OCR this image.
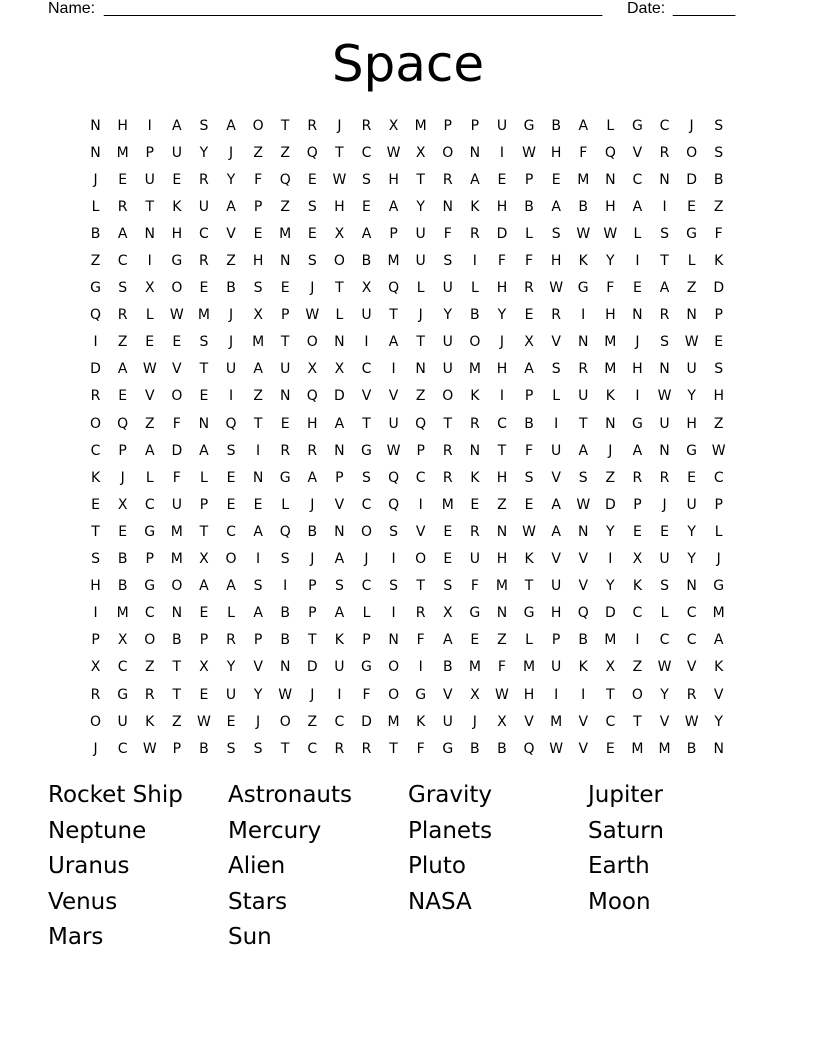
Name: ________________________________________________________ Date: _______
Space
N	H	I	A	S	A	O	T	R	J	R	X	M	P	P	U	G	B	A	L	G	C	J	S
N	M	P	U	Y	J	Z	Z	Q	T	C	W	X	O	N	I	W	H	F	Q	V	R	O	S
J	E	U	E	R	Y	F	Q	E	W	S	H	T	R	A	E	P	E	M	N	C	N	D	B
L	R	T	K	U	A	P	Z	S	H	E	A	Y	N	K	H	B	A	B	H	A	I	E	Z
B	A	N	H	C	V	E	M	E	X	A	P	U	F	R	D	L	S	W W	L	S	G	F
Z	C	I	G	R	Z	H	N	S	O	B	M	U	S	I	F	F	H	K	Y	I	T	L	K
G	S	X	O	E	B	S	E	J	T	X	Q	L	U	L	H	R	W	G	F	E	A	Z	D
Q	R	L	W	M	J	X	P	W	L	U	T	J	Y	B	Y	E	R	I	H	N	R	N	P
I	Z	E	E	S	J	M	T	O	N	I	A	T	U	O	J	X	V	N	M	J	S	W	E
D	A	W	V	T	U	A	U	X	X	C	I	N	U	M	H	A	S	R	M	H	N	U	S
R	E	V	O	E	I	Z	N	Q	D	V	V	Z	O	K	I	P	L	U	K	I	W	Y	H
O	Q	Z	F	N	Q	T	E	H	A	T	U	Q	T	R	C	B	I	T	N	G	U	H	Z
C	P	A	D	A	S	I	R	R	N	G	W	P	R	N	T	F	U	A	J	A	N	G	W
K	J	L	F	L	E	N	G	A	P	S	Q	C	R	K	H	S	V	S	Z	R	R	E	C
E	X	C	U	P	E	E	L	J	V	C	Q	I	M	E	Z	E	A	W	D	P	J	U	P
T	E	G	M	T	C	A	Q	B	N	O	S	V	E	R	N	W	A	N	Y	E	E	Y	L
S	B	P	M	X	O	I	S	J	A	J	I	O	E	U	H	K	V	V	I	X	U	Y	J
H	B	G	O	A	A	S	I	P	S	C	S	T	S	F	M	T	U	V	Y	K	S	N	G
I	M	C	N	E	L	A	B	P	A	L	I	R	X	G	N	G	H	Q	D	C	L	C	M
P	X	O	B	P	R	P	B	T	K	P	N	F	A	E	Z	L	P	B	M	I	C	C	A
X	C	Z	T	X	Y	V	N	D	U	G	O	I	B	M	F	M	U	K	X	Z	W	V	K
R	G	R	T	E	U	Y	W	J	I	F	O	G	V	X	W	H	I	I	T	O	Y	R	V
O	U	K	Z	W	E	J	O	Z	C	D	M	K	U	J	X	V	M	V	C	T	V	W	Y
J	C	W	P	B	S	S	T	C	R	R	T	F	G	B	B	Q	W	V	E	M	M	B	N
Rocket Ship	Astronauts	Gravity	Jupiter
Neptune	Mercury	Planets	Saturn
Uranus	Alien	Pluto	Earth
Venus	Stars	NASA	Moon
Mars	Sun
